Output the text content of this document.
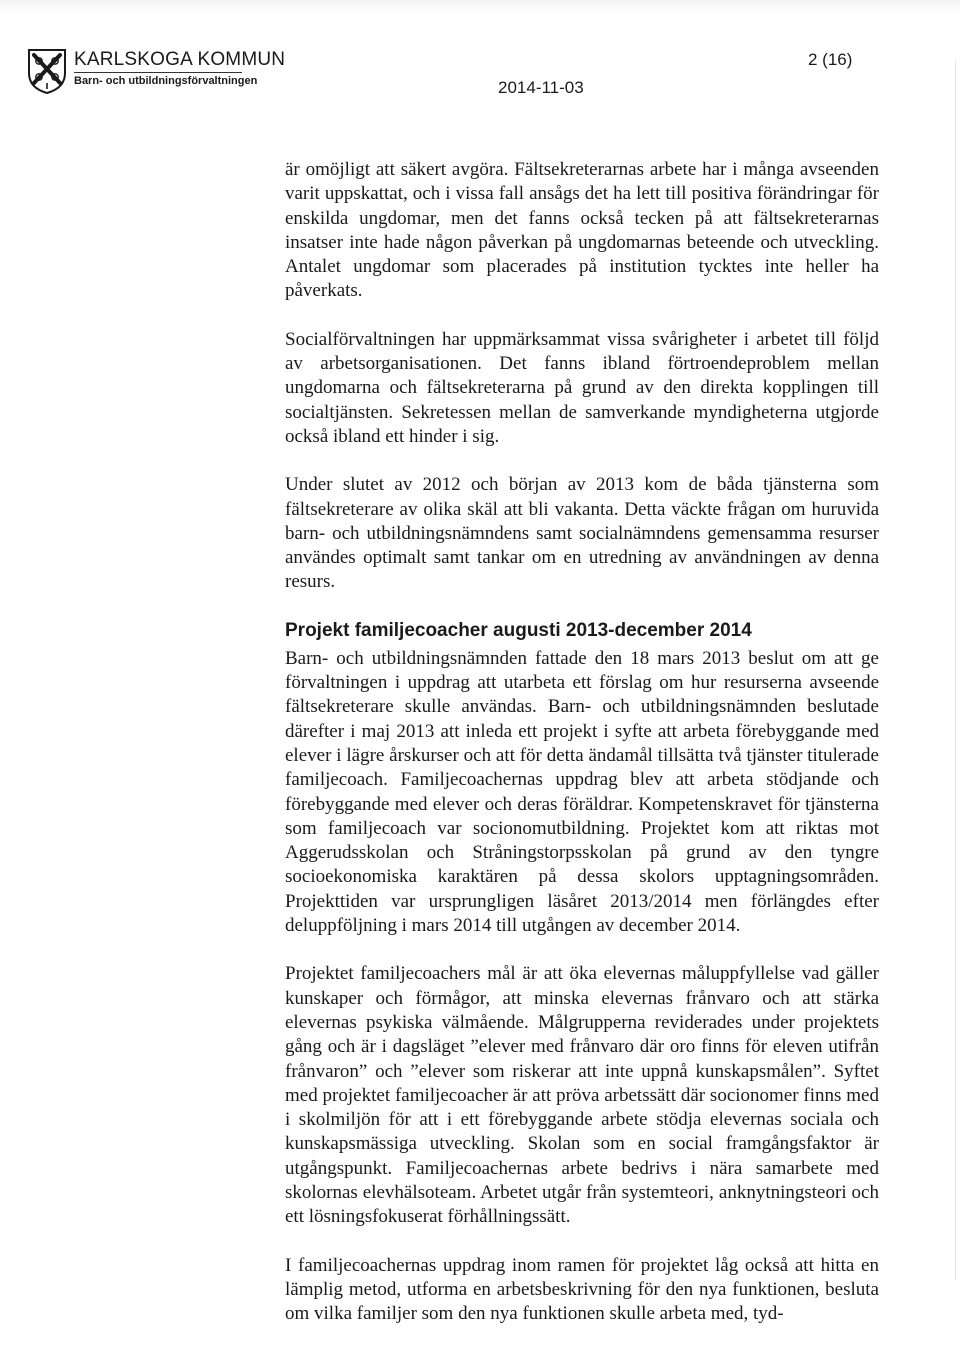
KARLSKOGA KOMMUN
Barn- och utbildningsförvaltningen
2 (16)
2014-11-03

är omöjligt att säkert avgöra. Fältsekreterarnas arbete har i många avseenden varit uppskattat, och i vissa fall ansågs det ha lett till positiva förändringar för enskilda ungdomar, men det fanns också tecken på att fältsekreterarnas insatser inte hade någon påverkan på ungdomarnas beteende och utveckling. Antalet ungdomar som placerades på institution tycktes inte heller ha påverkats.

Socialförvaltningen har uppmärksammat vissa svårigheter i arbetet till följd av arbetsorganisationen. Det fanns ibland förtroendeproblem mellan ungdomarna och fältsekreterarna på grund av den direkta kopplingen till socialtjänsten. Sekretessen mellan de samverkande myndigheterna utgjorde också ibland ett hinder i sig.

Under slutet av 2012 och början av 2013 kom de båda tjänsterna som fältsekreterare av olika skäl att bli vakanta. Detta väckte frågan om huruvida barn- och utbildningsnämndens samt socialnämndens gemensamma resurser användes optimalt samt tankar om en utredning av användningen av denna resurs.

Projekt familjecoacher augusti 2013-december 2014

Barn- och utbildningsnämnden fattade den 18 mars 2013 beslut om att ge förvaltningen i uppdrag att utarbeta ett förslag om hur resurserna avseende fältsekreterare skulle användas. Barn- och utbildningsnämnden beslutade därefter i maj 2013 att inleda ett projekt i syfte att arbeta förebyggande med elever i lägre årskurser och att för detta ändamål tillsätta två tjänster titulerade familjecoach. Familjecoachernas uppdrag blev att arbeta stödjande och förebyggande med elever och deras föräldrar. Kompetenskravet för tjänsterna som familjecoach var socionomutbildning. Projektet kom att riktas mot Aggerudsskolan och Stråningstorpsskolan på grund av den tyngre socioekonomiska karaktären på dessa skolors upptagningsområden. Projekttiden var ursprungligen läsåret 2013/2014 men förlängdes efter deluppföljning i mars 2014 till utgången av december 2014.

Projektet familjecoachers mål är att öka elevernas måluppfyllelse vad gäller kunskaper och förmågor, att minska elevernas frånvaro och att stärka elevernas psykiska välmående. Målgrupperna reviderades under projektets gång och är i dagsläget ”elever med frånvaro där oro finns för eleven utifrån frånvaron” och ”elever som riskerar att inte uppnå kunskapsmålen”. Syftet med projektet familjecoacher är att pröva arbetssätt där socionomer finns med i skolmiljön för att i ett förebyggande arbete stödja elevernas sociala och kunskapsmässiga utveckling. Skolan som en social framgångsfaktor är utgångspunkt. Familjecoachernas arbete bedrivs i nära samarbete med skolornas elevhälsoteam. Arbetet utgår från systemteori, anknytningsteori och ett lösningsfokuserat förhållningssätt.

I familjecoachernas uppdrag inom ramen för projektet låg också att hitta en lämplig metod, utforma en arbetsbeskrivning för den nya funktionen, besluta om vilka familjer som den nya funktionen skulle arbeta med, tyd-
